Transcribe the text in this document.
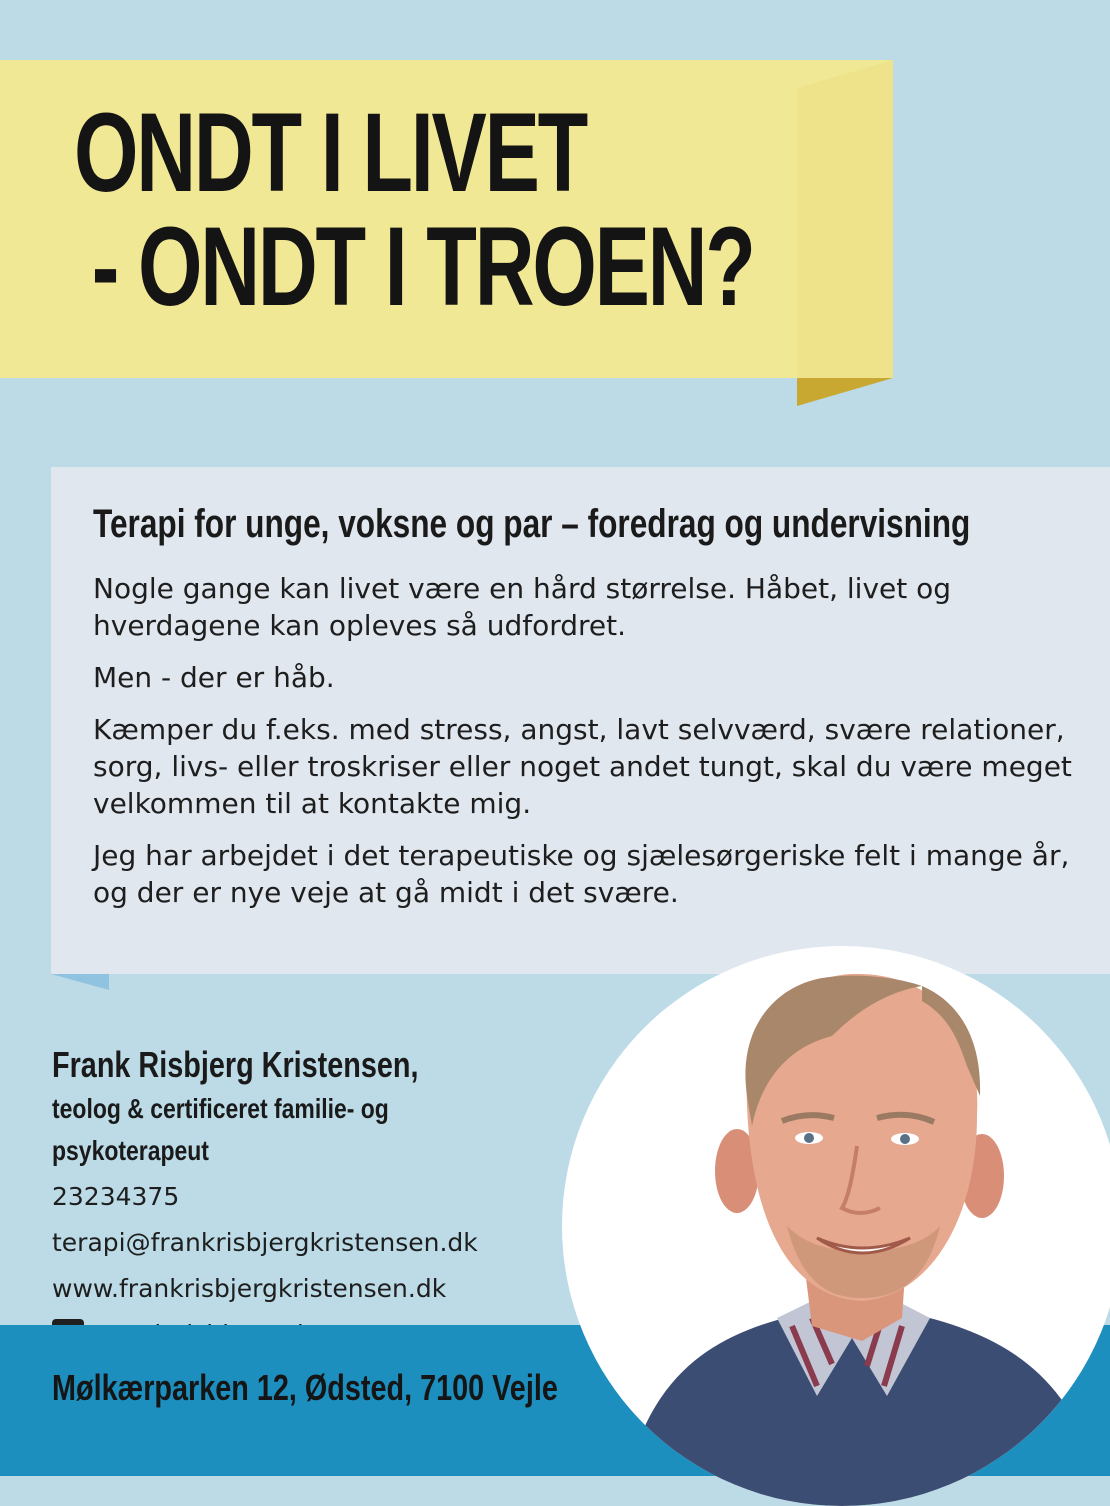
ONDT I LIVET
- ONDT I TROEN?
Terapi for unge, voksne og par – foredrag og undervisning

Nogle gange kan livet være en hård størrelse. Håbet, livet og hverdagene kan opleves så udfordret.

Men - der er håb.

Kæmper du f.eks. med stress, angst, lavt selvværd, svære relationer, sorg, livs- eller troskriser eller noget andet tungt, skal du være meget velkommen til at kontakte mig.

Jeg har arbejdet i det terapeutiske og sjælesørgeriske felt i mange år, og der er nye veje at gå midt i det svære.

Frank Risbjerg Kristensen,
teolog & certificeret familie- og psykoterapeut
23234375
terapi@frankrisbjergkristensen.dk
www.frankrisbjergkristensen.dk
Mølkærparken 12, Ødsted, 7100 Vejle
